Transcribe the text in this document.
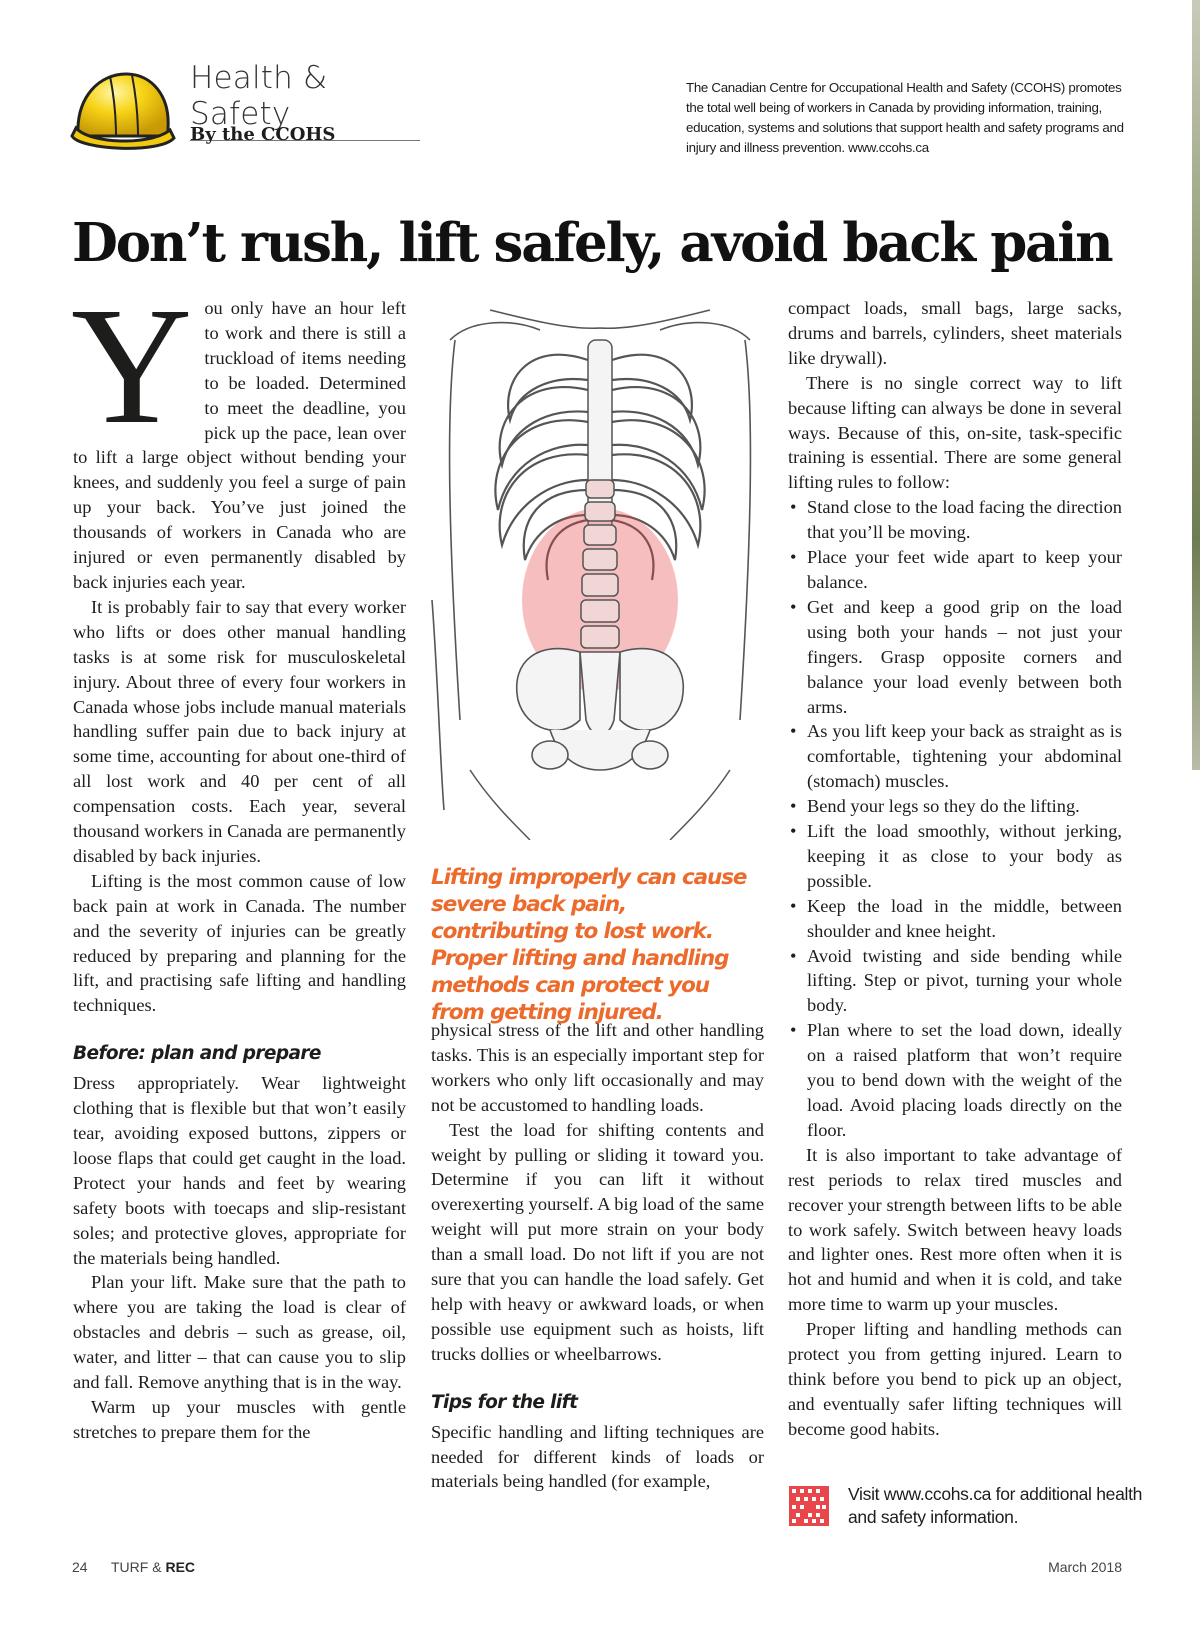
Health & Safety
By the CCOHS
The Canadian Centre for Occupational Health and Safety (CCOHS) promotes the total well being of workers in Canada by providing information, training, education, systems and solutions that support health and safety programs and injury and illness prevention. www.ccohs.ca
Don’t rush, lift safely, avoid back pain
Y ou only have an hour left to work and there is still a truckload of items needing to be loaded. Determined to meet the deadline, you pick up the pace, lean over to lift a large object without bending your knees, and suddenly you feel a surge of pain up your back. You’ve just joined the thousands of workers in Canada who are injured or even permanently disabled by back injuries each year.

It is probably fair to say that every worker who lifts or does other manual handling tasks is at some risk for musculoskeletal injury. About three of every four workers in Canada whose jobs include manual materials handling suffer pain due to back injury at some time, accounting for about one-third of all lost work and 40 per cent of all compensation costs. Each year, several thousand workers in Canada are permanently disabled by back injuries.

Lifting is the most common cause of low back pain at work in Canada. The number and the severity of injuries can be greatly reduced by preparing and planning for the lift, and practising safe lifting and handling techniques.

Before: plan and prepare

Dress appropriately. Wear lightweight clothing that is flexible but that won’t easily tear, avoiding exposed buttons, zippers or loose flaps that could get caught in the load. Protect your hands and feet by wearing safety boots with toecaps and slip-resistant soles; and protective gloves, appropriate for the materials being handled.

Plan your lift. Make sure that the path to where you are taking the load is clear of obstacles and debris – such as grease, oil, water, and litter – that can cause you to slip and fall. Remove anything that is in the way.

Warm up your muscles with gentle stretches to prepare them for the

Lifting improperly can cause severe back pain, contributing to lost work. Proper lifting and handling methods can protect you from getting injured.

physical stress of the lift and other handling tasks. This is an especially important step for workers who only lift occasionally and may not be accustomed to handling loads.

Test the load for shifting contents and weight by pulling or sliding it toward you. Determine if you can lift it without overexerting yourself. A big load of the same weight will put more strain on your body than a small load. Do not lift if you are not sure that you can handle the load safely. Get help with heavy or awkward loads, or when possible use equipment such as hoists, lift trucks dollies or wheelbarrows.

Tips for the lift

Specific handling and lifting techniques are needed for different kinds of loads or materials being handled (for example,

compact loads, small bags, large sacks, drums and barrels, cylinders, sheet materials like drywall).

There is no single correct way to lift because lifting can always be done in several ways. Because of this, on-site, task-specific training is essential. There are some general lifting rules to follow:

• Stand close to the load facing the direction that you’ll be moving.
• Place your feet wide apart to keep your balance.
• Get and keep a good grip on the load using both your hands – not just your fingers. Grasp opposite corners and balance your load evenly between both arms.
• As you lift keep your back as straight as is comfortable, tightening your abdominal (stomach) muscles.
• Bend your legs so they do the lifting.
• Lift the load smoothly, without jerking, keeping it as close to your body as possible.
• Keep the load in the middle, between shoulder and knee height.
• Avoid twisting and side bending while lifting. Step or pivot, turning your whole body.
• Plan where to set the load down, ideally on a raised platform that won’t require you to bend down with the weight of the load. Avoid placing loads directly on the floor.

It is also important to take advantage of rest periods to relax tired muscles and recover your strength between lifts to be able to work safely. Switch between heavy loads and lighter ones. Rest more often when it is hot and humid and when it is cold, and take more time to warm up your muscles.

Proper lifting and handling methods can protect you from getting injured. Learn to think before you bend to pick up an object, and eventually safer lifting techniques will become good habits.

Visit www.ccohs.ca for additional health and safety information.
24 TURF & REC	March 2018
